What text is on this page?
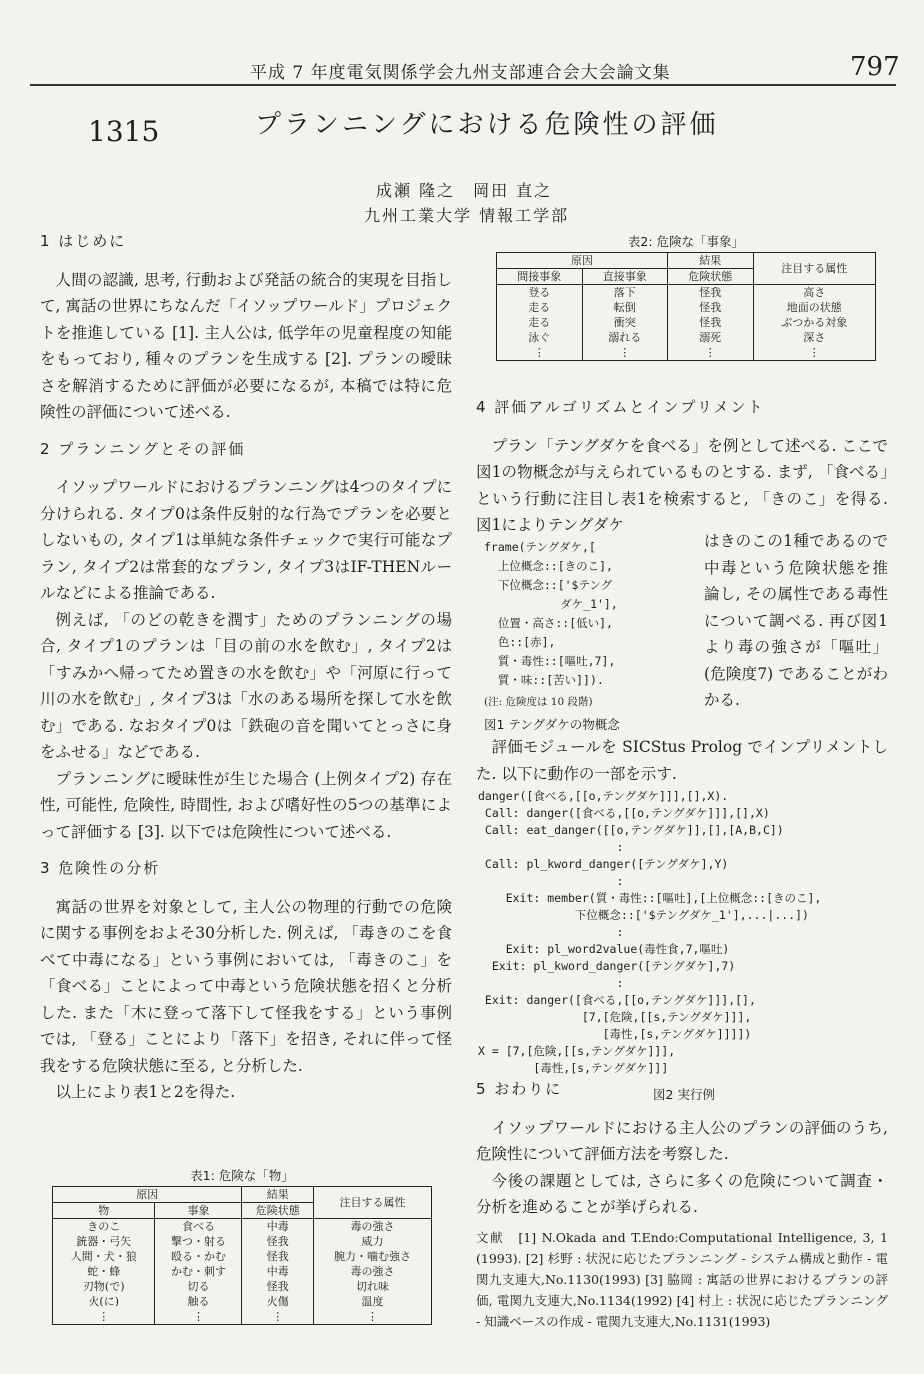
平成 7 年度電気関係学会九州支部連合会大会論文集	797
1315	プランニングにおける危険性の評価
成瀬 隆之　岡田 直之
九州工業大学 情報工学部
1 はじめに

人間の認識, 思考, 行動および発話の統合的実現を目指して, 寓話の世界にちなんだ「イソップワールド」プロジェクトを推進している [1]. 主人公は, 低学年の児童程度の知能をもっており, 種々のプランを生成する [2]. プランの曖昧さを解消するために評価が必要になるが, 本稿では特に危険性の評価について述べる.

2 プランニングとその評価

イソップワールドにおけるプランニングは4つのタイプに分けられる. タイプ0は条件反射的な行為でプランを必要としないもの, タイプ1は単純な条件チェックで実行可能なプラン, タイプ2は常套的なプラン, タイプ3はIF-THENルールなどによる推論である.

例えば, 「のどの乾きを潤す」ためのプランニングの場合, タイプ1のプランは「目の前の水を飲む」, タイプ2は「すみかへ帰ってため置きの水を飲む」や「河原に行って川の水を飲む」, タイプ3は「水のある場所を探して水を飲む」である. なおタイプ0は「鉄砲の音を聞いてとっさに身をふせる」などである.

プランニングに曖昧性が生じた場合 (上例タイプ2) 存在性, 可能性, 危険性, 時間性, および嗜好性の5つの基準によって評価する [3]. 以下では危険性について述べる.

3 危険性の分析

寓話の世界を対象として, 主人公の物理的行動での危険に関する事例をおよそ30分析した. 例えば, 「毒きのこを食べて中毒になる」という事例においては, 「毒きのこ」を「食べる」ことによって中毒という危険状態を招くと分析した. また「木に登って落下して怪我をする」という事例では, 「登る」ことにより「落下」を招き, それに伴って怪我をする危険状態に至る, と分析した.

以上により表1と2を得た.

表1: 危険な「物」
原因		結果	注目する属性
物	事象	危険状態	
きのこ	食べる	中毒	毒の強さ
銃器・弓矢	撃つ・射る	怪我	威力
人間・犬・狼	殴る・かむ	怪我	腕力・噛む強さ
蛇・蜂	かむ・刺す	中毒	毒の強さ
刃物(で)	切る	怪我	切れ味
火(に)	触る	火傷	温度
⋮	⋮	⋮	⋮
表2: 危険な「事象」
原因		結果	注目する属性
間接事象	直接事象	危険状態	
登る	落下	怪我	高さ
走る	転倒	怪我	地面の状態
走る	衝突	怪我	ぶつかる対象
泳ぐ	溺れる	溺死	深さ
⋮	⋮	⋮	⋮
4 評価アルゴリズムとインプリメント

プラン「テングダケを食べる」を例として述べる. ここで図1の物概念が与えられているものとする. まず, 「食べる」という行動に注目し表1を検索すると, 「きのこ」を得る. 図1によりテングダケ

frame(テングダケ,[
上位概念::[きのこ],
下位概念::['$テング
ダケ_1'],
位置・高さ::[低い],
色::[赤],
質・毒性::[嘔吐,7],
質・味::[苦い]]).
(注: 危険度は 10 段階)
図1 テングダケの物概念

はきのこの1種であるので中毒という危険状態を推論し, その属性である毒性について調べる. 再び図1より毒の強さが「嘔吐」(危険度7) であることがわかる.

評価モジュールを SICStus Prolog でインプリメントした. 以下に動作の一部を示す.

danger([食べる,[[o,テングダケ]]],[],X).
Call: danger([食べる,[[o,テングダケ]]],[],X)
Call: eat_danger([[o,テングダケ]],[],[A,B,C])
:
Call: pl_kword_danger([テングダケ],Y)
:
Exit: member(質・毒性::[嘔吐],[上位概念::[きのこ],
下位概念::['$テングダケ_1'],...|...])
:
Exit: pl_word2value(毒性食,7,嘔吐)
Exit: pl_kword_danger([テングダケ],7)
:
Exit: danger([食べる,[[o,テングダケ]]],[],
[7,[危険,[[s,テングダケ]]],
[毒性,[s,テングダケ]]]])
X = [7,[危険,[[s,テングダケ]]],
[毒性,[s,テングダケ]]]
図2 実行例
5 おわりに

イソップワールドにおける主人公のプランの評価のうち, 危険性について評価方法を考察した.

今後の課題としては, さらに多くの危険について調査・分析を進めることが挙げられる.

文献　[1] N.Okada and T.Endo:Computational Intelligence, 3, 1 (1993). [2] 杉野 : 状況に応じたプランニング - システム構成と動作 - 電関九支連大,No.1130(1993) [3] 脇岡 : 寓話の世界におけるプランの評価, 電関九支連大,No.1134(1992) [4] 村上 : 状況に応じたプランニング - 知識ベースの作成 - 電関九支連大,No.1131(1993)
